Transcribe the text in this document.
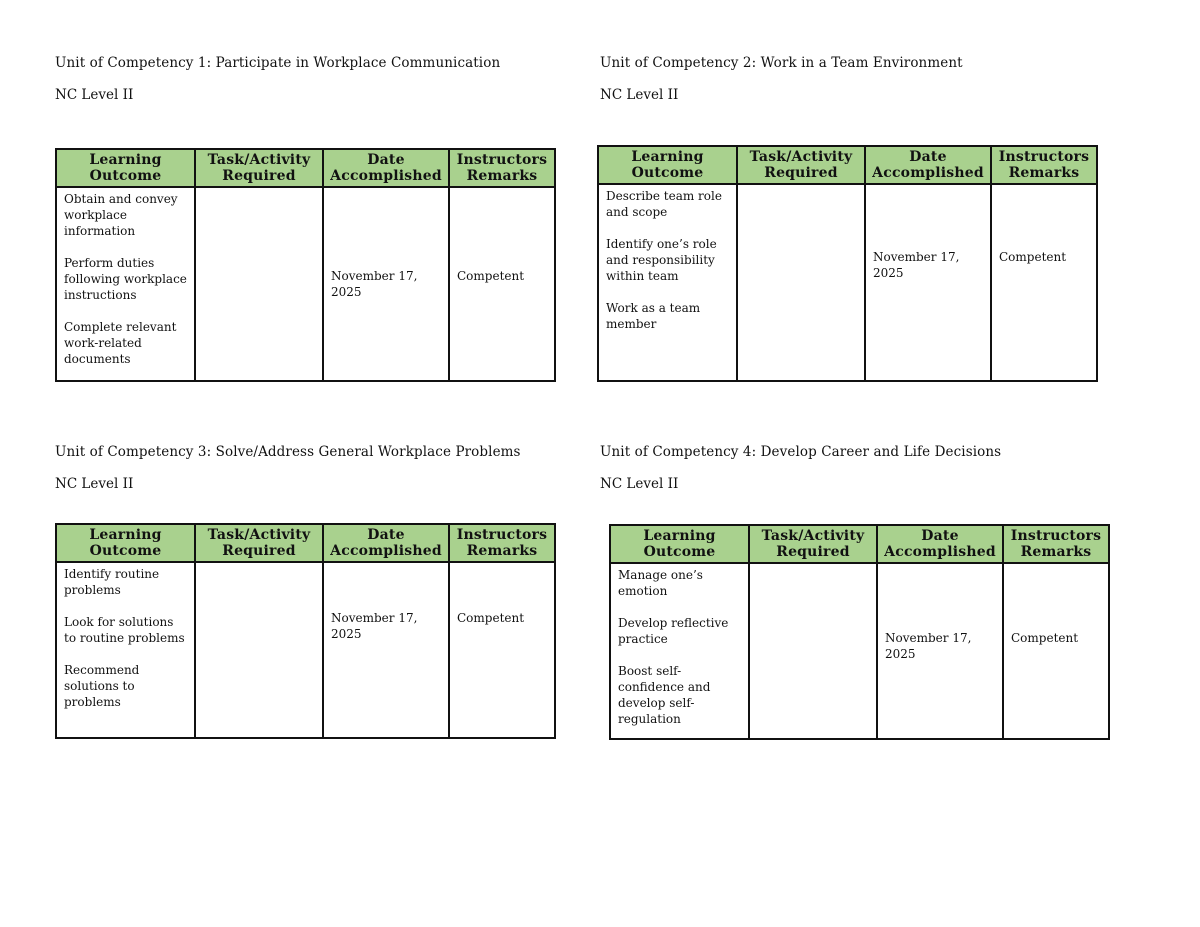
Unit of Competency 1: Participate in Workplace Communication
NC Level II
Learning Outcome	Task/Activity Required	Date Accomplished	Instructors Remarks

Obtain and convey workplace information
Perform duties following workplace instructions
Complete relevant work-related documents		November 17, 2025	Competent
Unit of Competency 2: Work in a Team Environment
NC Level II
Learning Outcome	Task/Activity Required	Date Accomplished	Instructors Remarks

Describe team role and scope
Identify one’s role and responsibility within team
Work as a team member		November 17, 2025	Competent
Unit of Competency 3: Solve/Address General Workplace Problems
NC Level II
Learning Outcome	Task/Activity Required	Date Accomplished	Instructors Remarks

Identify routine problems
Look for solutions to routine problems
Recommend solutions to problems		November 17, 2025	Competent
Unit of Competency 4: Develop Career and Life Decisions
NC Level II
Learning Outcome	Task/Activity Required	Date Accomplished	Instructors Remarks

Manage one’s emotion
Develop reflective practice
Boost self-confidence and develop self-regulation		November 17, 2025	Competent
